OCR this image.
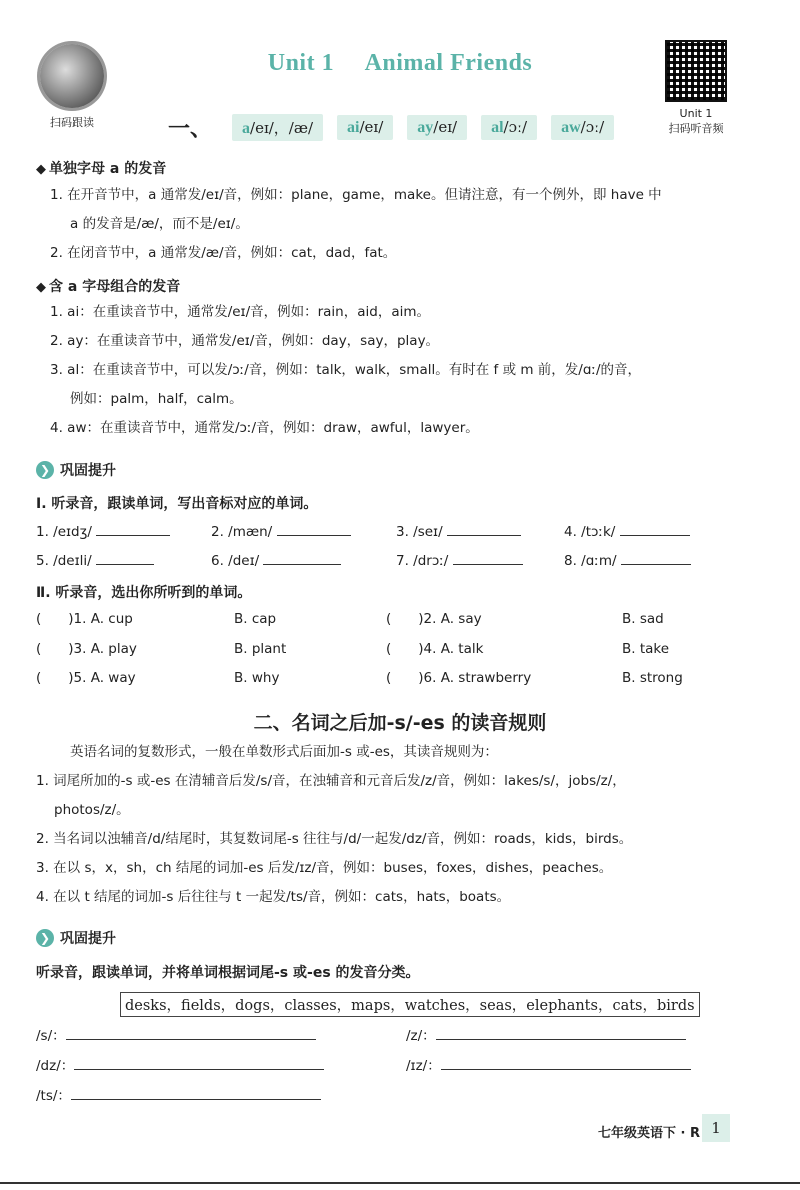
扫码跟读
Unit 1 Animal Friends
Unit 1
扫码听音频
一、	a/eɪ/，/æ/	ai/eɪ/	ay/eɪ/	al/ɔː/	aw/ɔː/
◆ 单独字母 a 的发音
1. 在开音节中，a 通常发/eɪ/音，例如：plane，game，make。但请注意，有一个例外，即 have 中
a 的发音是/æ/，而不是/eɪ/。
2. 在闭音节中，a 通常发/æ/音，例如：cat，dad，fat。
◆ 含 a 字母组合的发音
1. ai：在重读音节中，通常发/eɪ/音，例如：rain，aid，aim。
2. ay：在重读音节中，通常发/eɪ/音，例如：day，say，play。
3. al：在重读音节中，可以发/ɔː/音，例如：talk，walk，small。有时在 f 或 m 前，发/ɑː/的音，
例如：palm，half，calm。
4. aw：在重读音节中，通常发/ɔː/音，例如：draw，awful，lawyer。
❯ 巩固提升
Ⅰ. 听录音，跟读单词，写出音标对应的单词。
1. /eɪdʒ/	2. /mæn/	3. /seɪ/	4. /tɔːk/
5. /deɪli/	6. /deɪ/	7. /drɔː/	8. /ɑːm/
Ⅱ. 听录音，选出你所听到的单词。
(　　)1. A. cup	B. cap	(　　)2. A. say	B. sad
(　　)3. A. play	B. plant	(　　)4. A. talk	B. take
(　　)5. A. way	B. why	(　　)6. A. strawberry	B. strong
二、名词之后加-s/-es 的读音规则
英语名词的复数形式，一般在单数形式后面加-s 或-es，其读音规则为：
1. 词尾所加的-s 或-es 在清辅音后发/s/音，在浊辅音和元音后发/z/音，例如：lakes/s/，jobs/z/，
photos/z/。
2. 当名词以浊辅音/d/结尾时，其复数词尾-s 往往与/d/一起发/dz/音，例如：roads，kids，birds。
3. 在以 s，x，sh，ch 结尾的词加-es 后发/ɪz/音，例如：buses，foxes，dishes，peaches。
4. 在以 t 结尾的词加-s 后往往与 t 一起发/ts/音，例如：cats，hats，boats。
❯ 巩固提升
听录音，跟读单词，并将单词根据词尾-s 或-es 的发音分类。
desks，fields，dogs，classes，maps，watches，seas，elephants，cats，birds
/s/：	/z/：
/dz/：	/ɪz/：
/ts/：
七年级英语下 · R 1
